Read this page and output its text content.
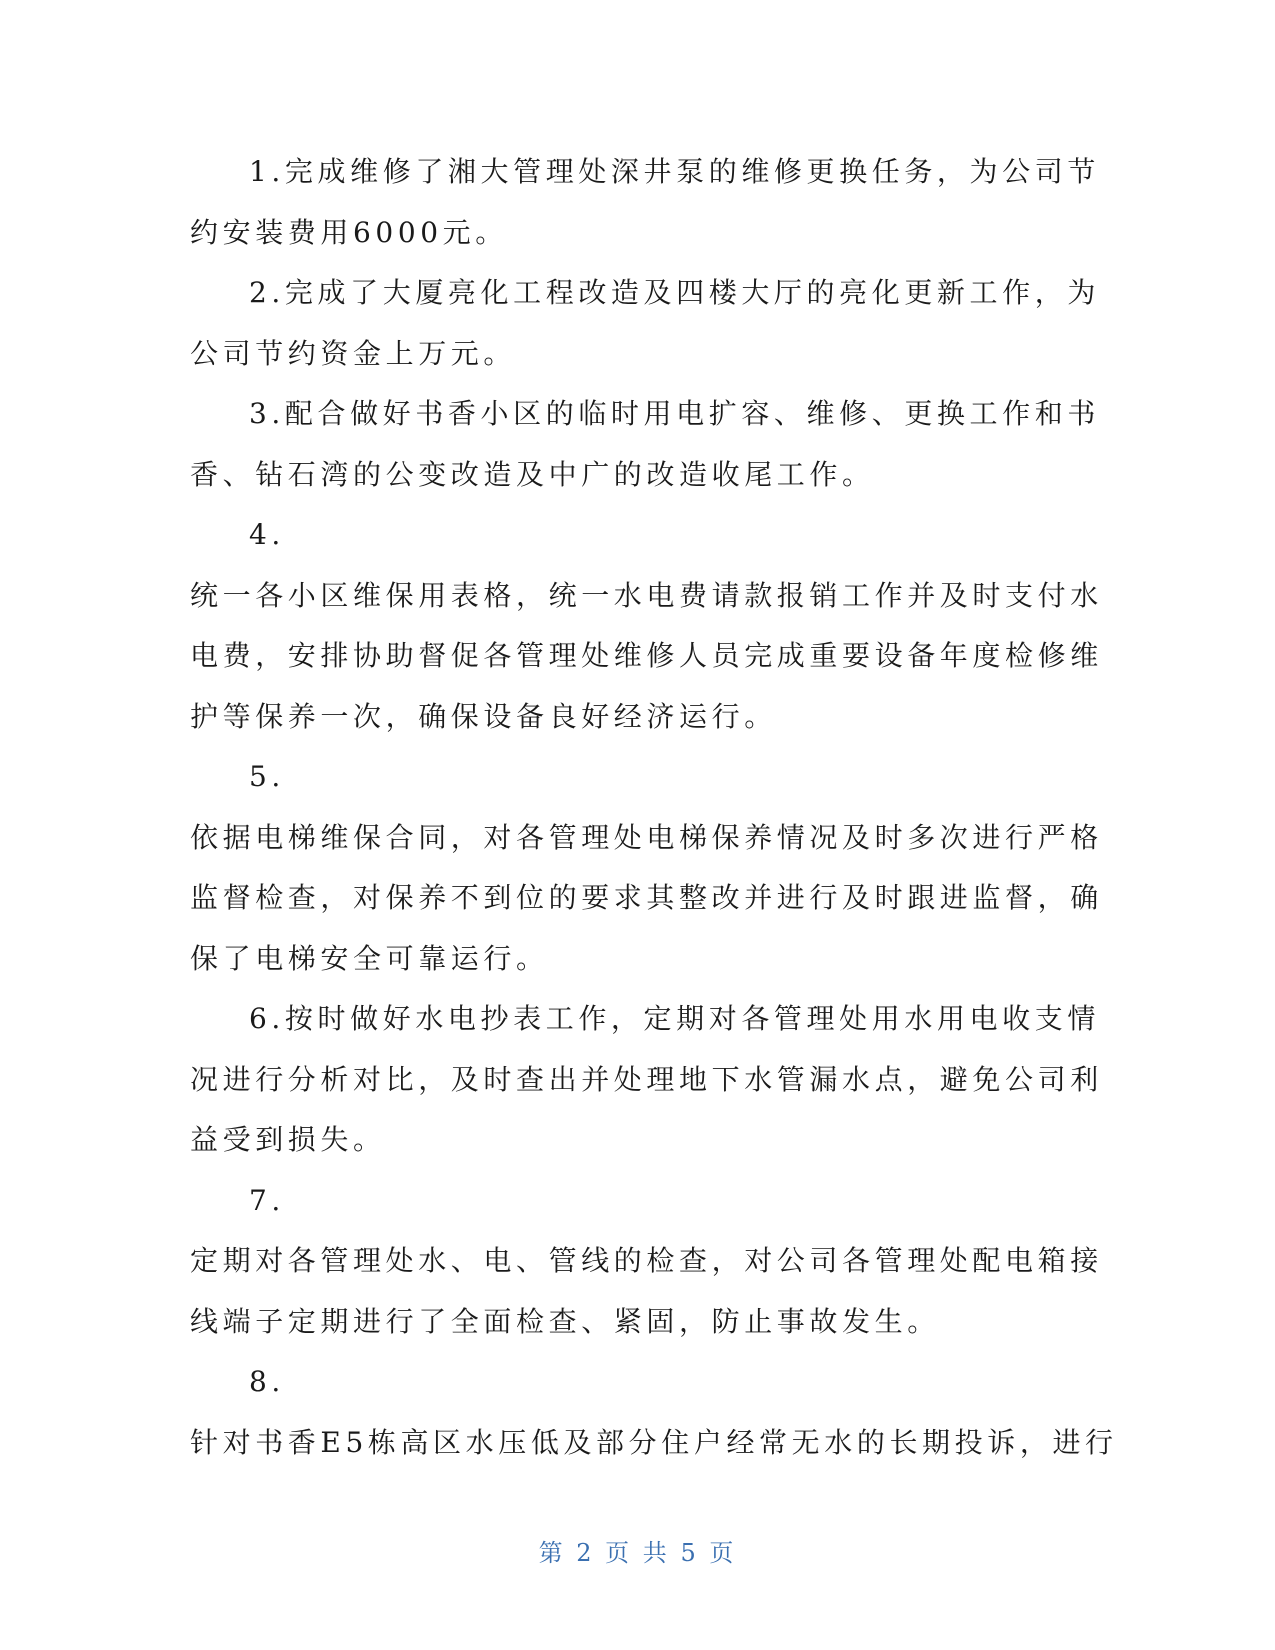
1.完成维修了湘大管理处深井泵的维修更换任务，为公司节
约安装费用6000元。
2.完成了大厦亮化工程改造及四楼大厅的亮化更新工作，为
公司节约资金上万元。
3.配合做好书香小区的临时用电扩容、维修、更换工作和书
香、钻石湾的公变改造及中广的改造收尾工作。
4.
统一各小区维保用表格，统一水电费请款报销工作并及时支付水
电费，安排协助督促各管理处维修人员完成重要设备年度检修维
护等保养一次，确保设备良好经济运行。
5.
依据电梯维保合同，对各管理处电梯保养情况及时多次进行严格
监督检查，对保养不到位的要求其整改并进行及时跟进监督，确
保了电梯安全可靠运行。
6.按时做好水电抄表工作，定期对各管理处用水用电收支情
况进行分析对比，及时查出并处理地下水管漏水点，避免公司利
益受到损失。
7.
定期对各管理处水、电、管线的检查，对公司各管理处配电箱接
线端子定期进行了全面检查、紧固，防止事故发生。
8.
针对书香E5栋高区水压低及部分住户经常无水的长期投诉，进行
第 2 页 共 5 页
